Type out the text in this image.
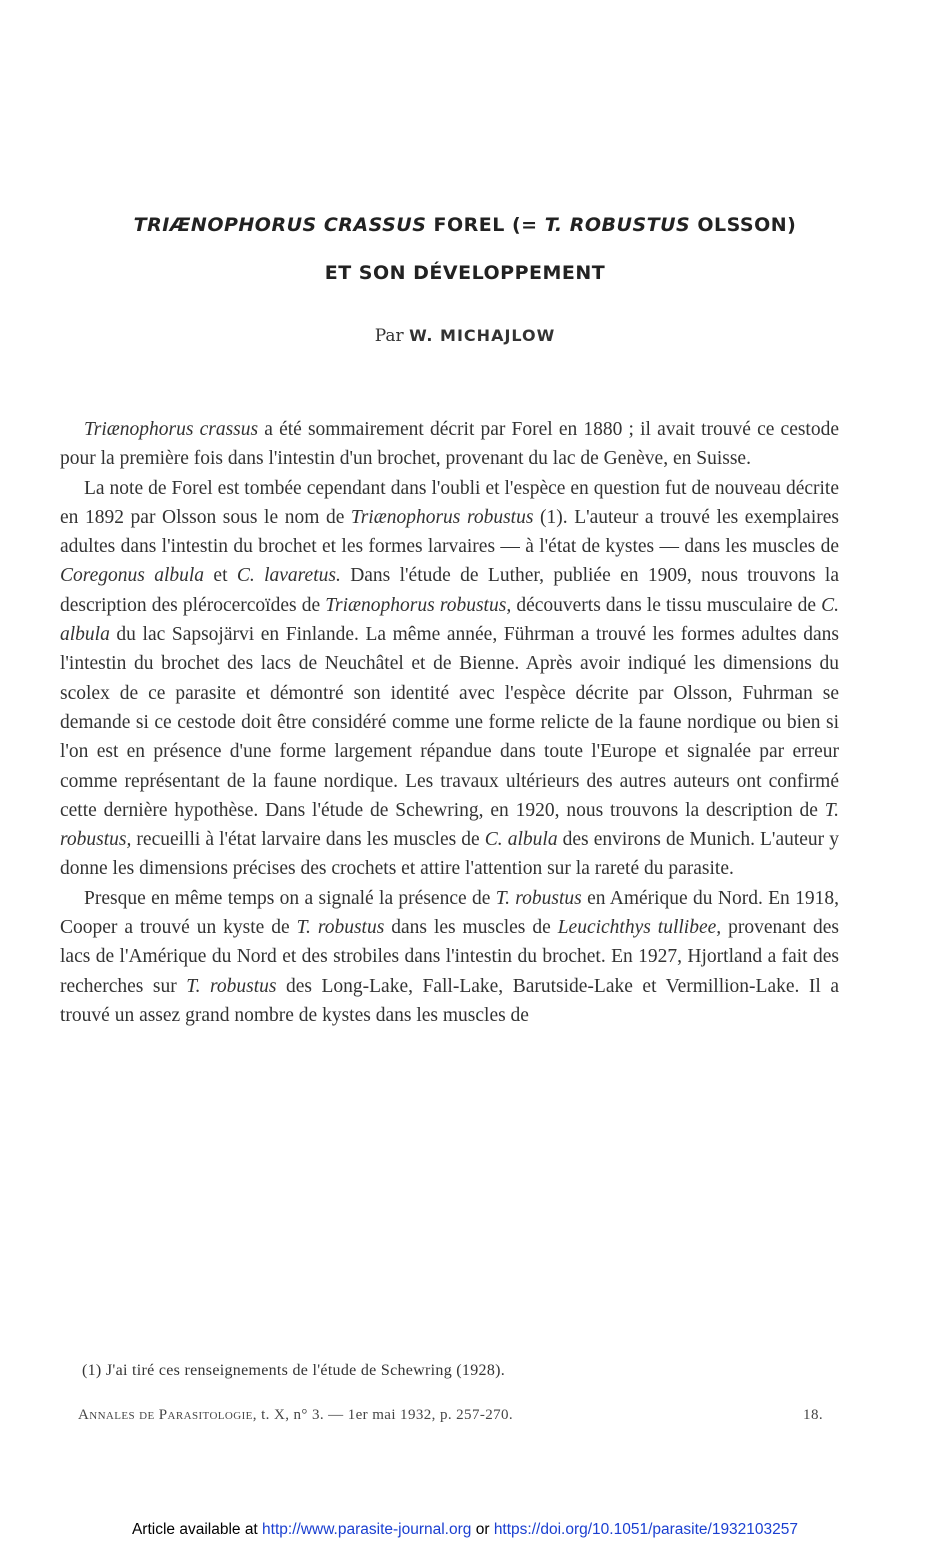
TRIÆNOPHORUS CRASSUS FOREL (= T. ROBUSTUS OLSSON)
ET SON DÉVELOPPEMENT

Par W. MICHAJLOW

Triænophorus crassus a été sommairement décrit par Forel en 1880 ; il avait trouvé ce cestode pour la première fois dans l'intestin d'un brochet, provenant du lac de Genève, en Suisse.

La note de Forel est tombée cependant dans l'oubli et l'espèce en question fut de nouveau décrite en 1892 par Olsson sous le nom de Triænophorus robustus (1). L'auteur a trouvé les exemplaires adultes dans l'intestin du brochet et les formes larvaires — à l'état de kystes — dans les muscles de Coregonus albula et C. lavaretus. Dans l'étude de Luther, publiée en 1909, nous trouvons la description des plérocercoïdes de Triænophorus robustus, découverts dans le tissu musculaire de C. albula du lac Sapsojärvi en Finlande. La même année, Führman a trouvé les formes adultes dans l'intestin du brochet des lacs de Neuchâtel et de Bienne. Après avoir indiqué les dimensions du scolex de ce parasite et démontré son identité avec l'espèce décrite par Olsson, Fuhrman se demande si ce cestode doit être considéré comme une forme relicte de la faune nordique ou bien si l'on est en présence d'une forme largement répandue dans toute l'Europe et signalée par erreur comme représentant de la faune nordique. Les travaux ultérieurs des autres auteurs ont confirmé cette dernière hypothèse. Dans l'étude de Schewring, en 1920, nous trouvons la description de T. robustus, recueilli à l'état larvaire dans les muscles de C. albula des environs de Munich. L'auteur y donne les dimensions précises des crochets et attire l'attention sur la rareté du parasite.

Presque en même temps on a signalé la présence de T. robustus en Amérique du Nord. En 1918, Cooper a trouvé un kyste de T. robustus dans les muscles de Leucichthys tullibee, provenant des lacs de l'Amérique du Nord et des strobiles dans l'intestin du brochet. En 1927, Hjortland a fait des recherches sur T. robustus des Long-Lake, Fall-Lake, Barutside-Lake et Vermillion-Lake. Il a trouvé un assez grand nombre de kystes dans les muscles de

(1) J'ai tiré ces renseignements de l'étude de Schewring (1928).

Annales de Parasitologie, t. X, n° 3. — 1er mai 1932, p. 257-270.	18.
Article available at http://www.parasite-journal.org or https://doi.org/10.1051/parasite/1932103257
